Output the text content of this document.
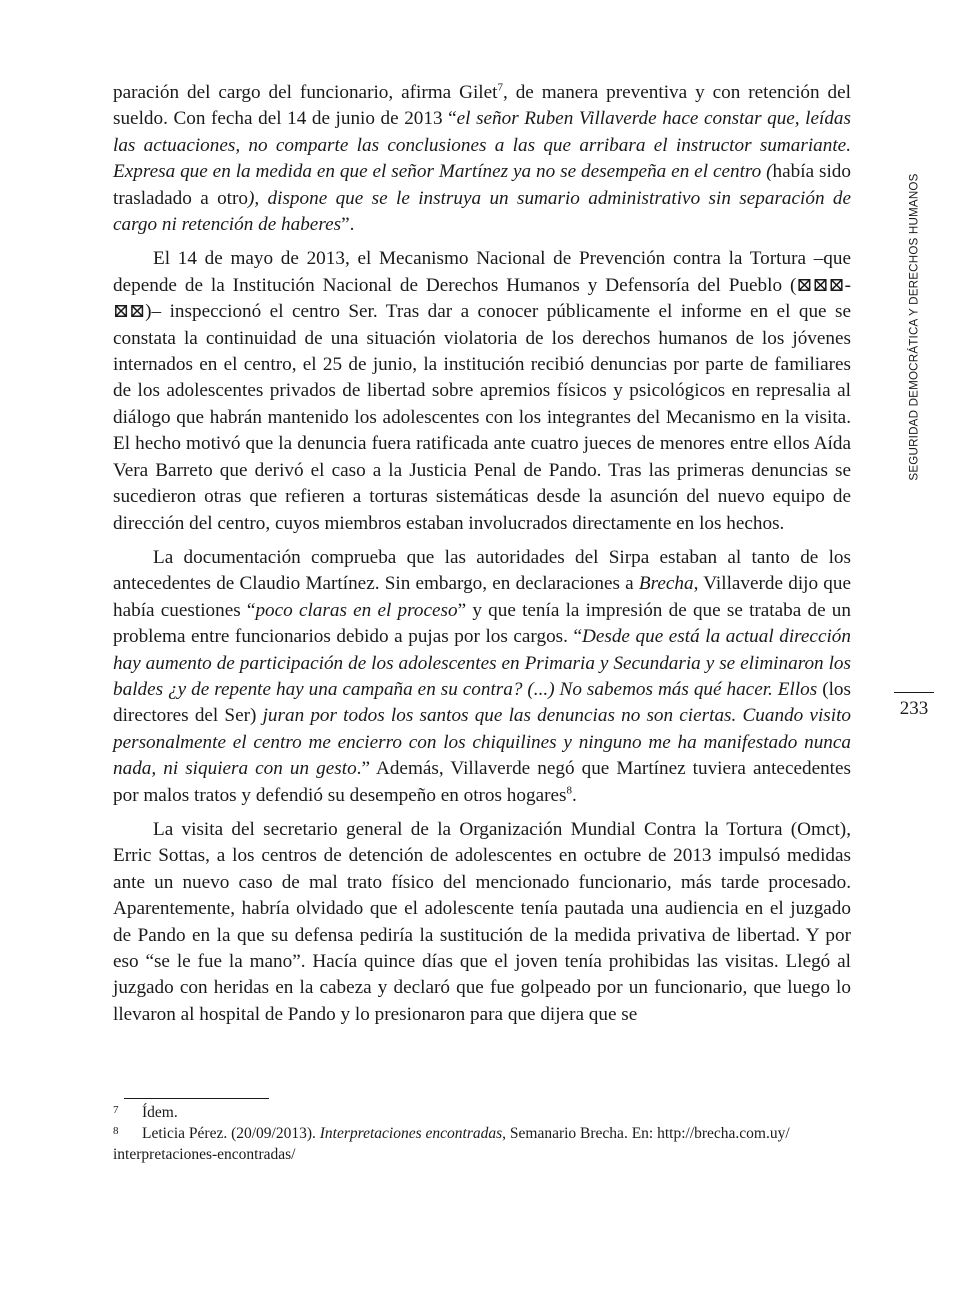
paración del cargo del funcionario, afirma Gilet$^7$, de manera preventiva y con retención del sueldo. Con fecha del 14 de junio de 2013 “el señor Ruben Villaverde hace constar que, leídas las actuaciones, no comparte las conclusiones a las que arribara el instructor sumariante. Expresa que en la medida en que el señor Martínez ya no se desempeña en el centro (había sido trasladado a otro), dispone que se le instruya un sumario administrativo sin separación de cargo ni retención de haberes”.

El 14 de mayo de 2013, el Mecanismo Nacional de Prevención contra la Tortura –que depende de la Institución Nacional de Derechos Humanos y Defensoría del Pueblo (⊠⊠⊠-⊠⊠)– inspeccionó el centro Ser. Tras dar a conocer públicamente el informe en el que se constata la continuidad de una situación violatoria de los derechos humanos de los jóvenes internados en el centro, el 25 de junio, la institución recibió denuncias por parte de familiares de los adolescentes privados de libertad sobre apremios físicos y psicológicos en represalia al diálogo que habrán mantenido los adolescentes con los integrantes del Mecanismo en la visita. El hecho motivó que la denuncia fuera ratificada ante cuatro jueces de menores entre ellos Aída Vera Barreto que derivó el caso a la Justicia Penal de Pando. Tras las primeras denuncias se sucedieron otras que refieren a torturas sistemáticas desde la asunción del nuevo equipo de dirección del centro, cuyos miembros estaban involucrados directamente en los hechos.

La documentación comprueba que las autoridades del Sirpa estaban al tanto de los antecedentes de Claudio Martínez. Sin embargo, en declaraciones a Brecha, Villaverde dijo que había cuestiones “poco claras en el proceso” y que tenía la impresión de que se trataba de un problema entre funcionarios debido a pujas por los cargos. “Desde que está la actual dirección hay aumento de participación de los adolescentes en Primaria y Secundaria y se eliminaron los baldes ¿y de repente hay una campaña en su contra? (...) No sabemos más qué hacer. Ellos (los directores del Ser) juran por todos los santos que las denuncias no son ciertas. Cuando visito personalmente el centro me encierro con los chiquilines y ninguno me ha manifestado nunca nada, ni siquiera con un gesto.” Además, Villaverde negó que Martínez tuviera antecedentes por malos tratos y defendió su desempeño en otros hogares$^8$.

La visita del secretario general de la Organización Mundial Contra la Tortura (Omct), Erric Sottas, a los centros de detención de adolescentes en octubre de 2013 impulsó medidas ante un nuevo caso de mal trato físico del mencionado funcionario, más tarde procesado. Aparentemente, habría olvidado que el adolescente tenía pautada una audiencia en el juzgado de Pando en la que su defensa pediría la sustitución de la medida privativa de libertad. Y por eso “se le fue la mano”. Hacía quince días que el joven tenía prohibidas las visitas. Llegó al juzgado con heridas en la cabeza y declaró que fue golpeado por un funcionario, que luego lo llevaron al hospital de Pando y lo presionaron para que dijera que se

SEGURIDAD DEMOCRÁTICA Y DERECHOS HUMANOS
233

7 Ídem.

8 Leticia Pérez. (20/09/2013). Interpretaciones encontradas, Semanario Brecha. En: http://brecha.com.uy/

interpretaciones-encontradas/
